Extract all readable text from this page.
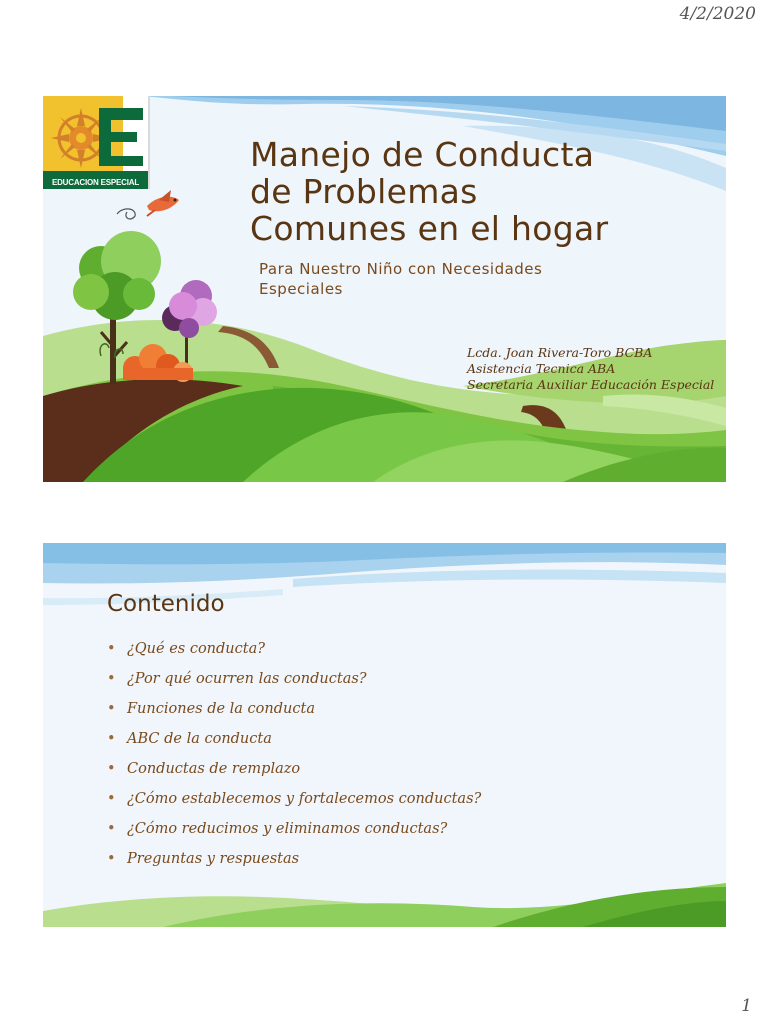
4/2/2020
EDUCACION ESPECIAL
Manejo de Conducta
de Problemas
Comunes en el hogar
Para Nuestro Niño con Necesidades
Especiales
Lcda. Joan Rivera-Toro BCBA
Asistencia Tecnica ABA
Secretaria Auxiliar Educación Especial
Contenido
• ¿Qué es conducta?
• ¿Por qué ocurren las conductas?
• Funciones de la conducta
• ABC de la conducta
• Conductas de remplazo
• ¿Cómo establecemos y fortalecemos conductas?
• ¿Cómo reducimos y eliminamos conductas?
• Preguntas y respuestas
1
